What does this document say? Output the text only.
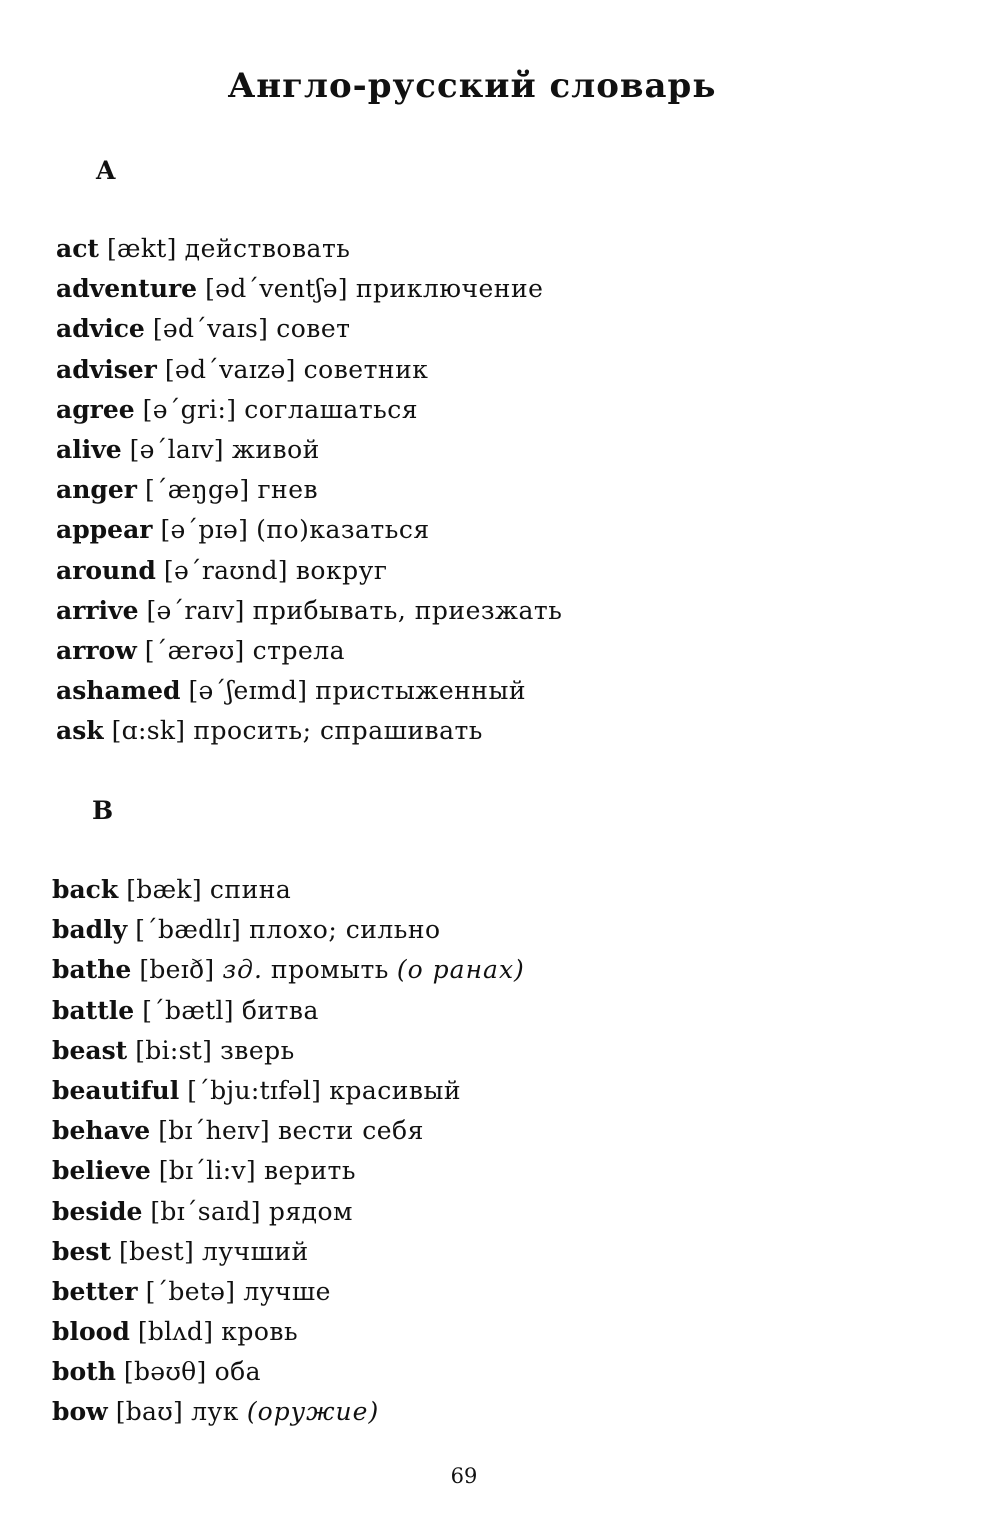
Англо-русский словарь
A
act [ækt] действовать
adventure [əd΄ventʃə] приключение
advice [əd΄vaɪs] совет
adviser [əd΄vaɪzə] советник
agree [ə΄gri:] соглашаться
alive [ə΄laɪv] живой
anger [΄æŋgə] гнев
appear [ə΄pɪə] (по)казаться
around [ə΄raʊnd] вокруг
arrive [ə΄raɪv] прибывать, приезжать
arrow [΄ærəʊ] стрела
ashamed [ə΄ʃeɪmd] пристыженный
ask [ɑ:sk] просить; спрашивать
B
back [bæk] спина
badly [΄bædlɪ] плохо; сильно
bathe [beɪð] зд. промыть (о ранах)
battle [΄bætl] битва
beast [bi:st] зверь
beautiful [΄bju:tɪfəl] красивый
behave [bɪ΄heɪv] вести себя
believe [bɪ΄li:v] верить
beside [bɪ΄saɪd] рядом
best [best] лучший
better [΄betə] лучше
blood [blʌd] кровь
both [bəʊθ] оба
bow [baʊ] лук (оружие)
69
